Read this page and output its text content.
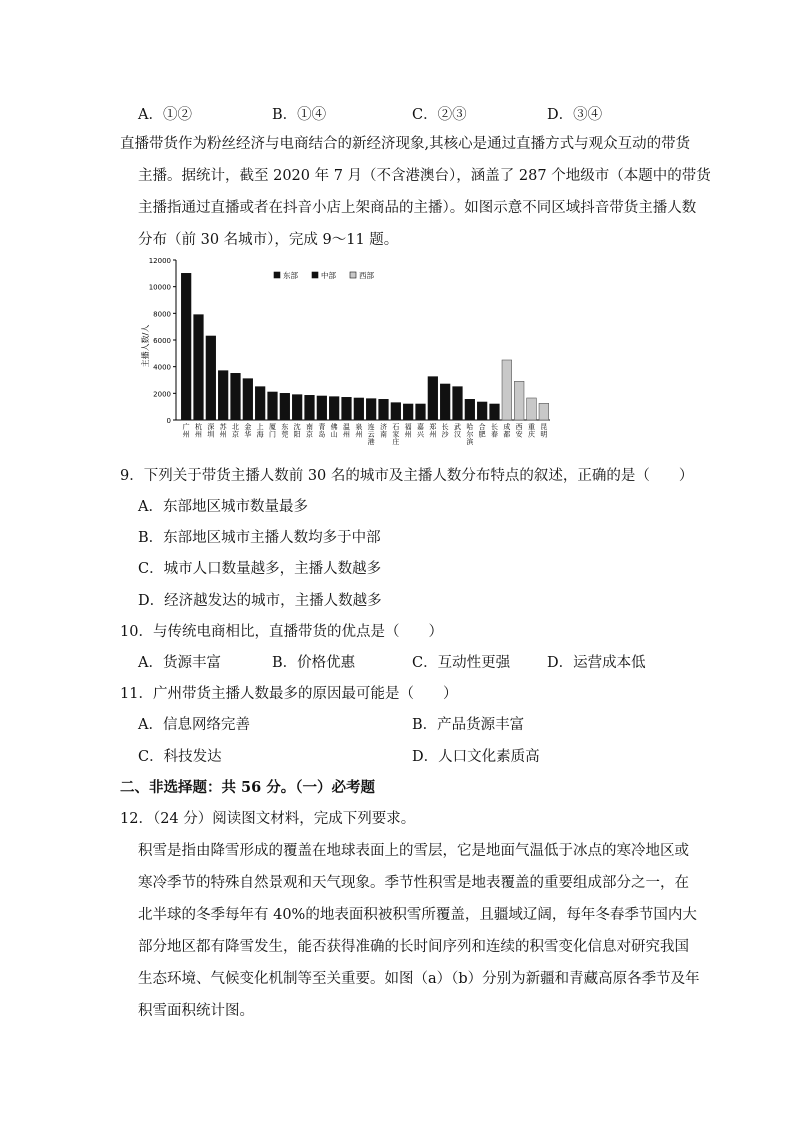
A．①②	B．①④	C．②③	D．③④
直播带货作为粉丝经济与电商结合的新经济现象,其核心是通过直播方式与观众互动的带货
主播。据统计，截至 2020 年 7 月（不含港澳台），涵盖了 287 个地级市（本题中的带货
主播指通过直播或者在抖音小店上架商品的主播）。如图示意不同区域抖音带货主播人数
分布（前 30 名城市），完成 9～11 题。
0
2000
4000
6000
8000
10000
12000
主播人数/人
广州
杭州
深圳
苏州
北京
金华
上海
厦门
东莞
沈阳
南京
青岛
佛山
温州
泉州
连云港
济南
石家庄
福州
嘉兴
郑州
长沙
武汉
哈尔滨
合肥
长春
成都
西安
重庆
昆明
东部	中部	西部
9．下列关于带货主播人数前 30 名的城市及主播人数分布特点的叙述，正确的是（　　）
A．东部地区城市数量最多
B．东部地区城市主播人数均多于中部
C．城市人口数量越多，主播人数越多
D．经济越发达的城市，主播人数越多
10．与传统电商相比，直播带货的优点是（　　）
A．货源丰富	B．价格优惠	C．互动性更强	D．运营成本低
11．广州带货主播人数最多的原因最可能是（　　）
A．信息网络完善	B．产品货源丰富
C．科技发达	D．人口文化素质高
二、非选择题：共 56 分。（一）必考题
12．（24 分）阅读图文材料，完成下列要求。
积雪是指由降雪形成的覆盖在地球表面上的雪层，它是地面气温低于冰点的寒冷地区或
寒冷季节的特殊自然景观和天气现象。季节性积雪是地表覆盖的重要组成部分之一，在
北半球的冬季每年有 40%的地表面积被积雪所覆盖，且疆域辽阔，每年冬春季节国内大
部分地区都有降雪发生，能否获得准确的长时间序列和连续的积雪变化信息对研究我国
生态环境、气候变化机制等至关重要。如图（a）（b）分别为新疆和青藏高原各季节及年
积雪面积统计图。
